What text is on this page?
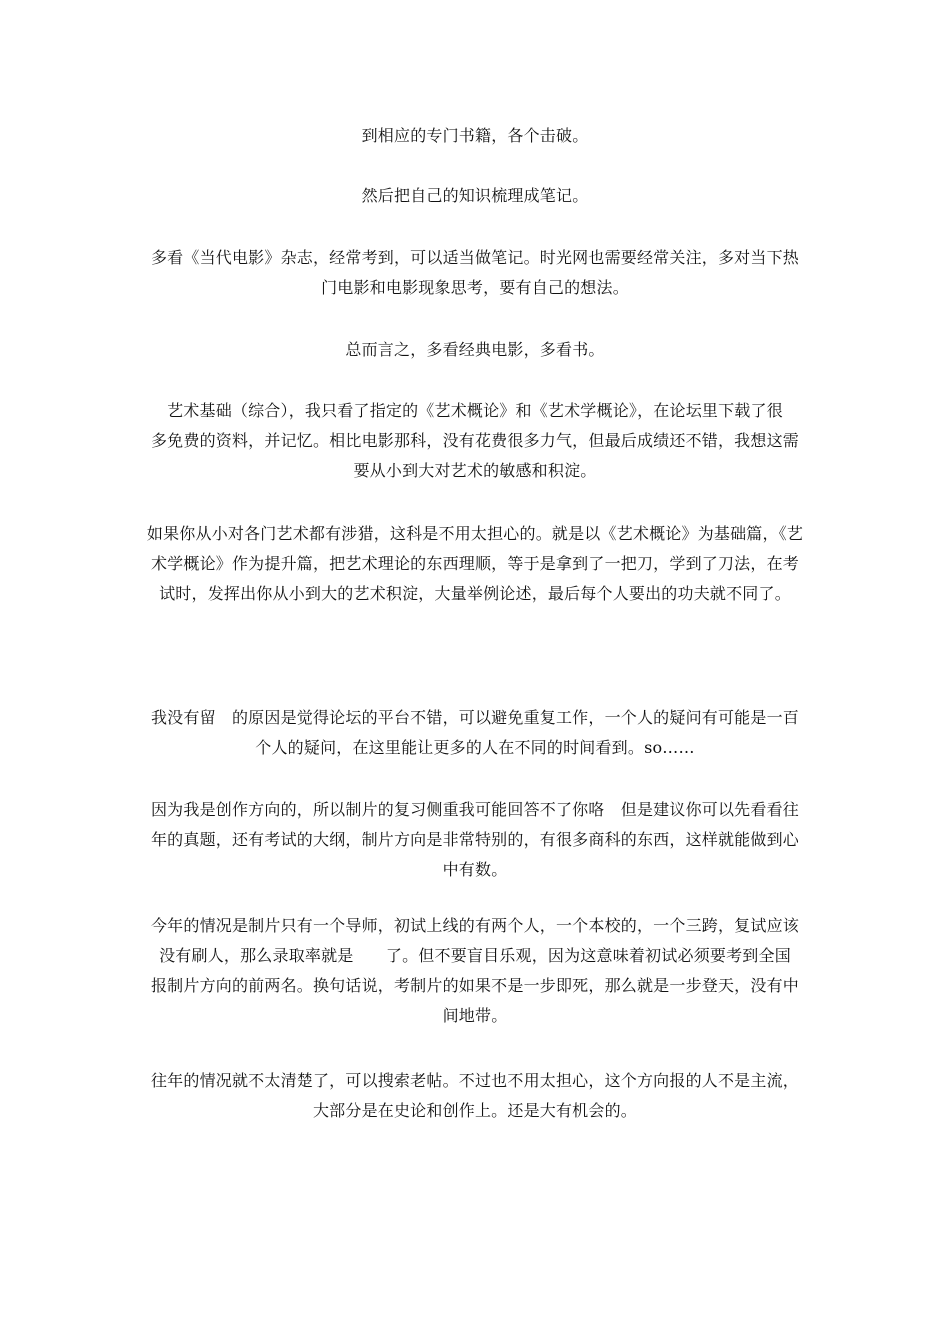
到相应的专门书籍，各个击破。

然后把自己的知识梳理成笔记。

多看《当代电影》杂志，经常考到，可以适当做笔记。时光网也需要经常关注，多对当下热
门电影和电影现象思考，要有自己的想法。

总而言之，多看经典电影，多看书。

艺术基础（综合），我只看了指定的《艺术概论》和《艺术学概论》，在论坛里下载了很
多免费的资料，并记忆。相比电影那科，没有花费很多力气，但最后成绩还不错，我想这需
要从小到大对艺术的敏感和积淀。

如果你从小对各门艺术都有涉猎，这科是不用太担心的。就是以《艺术概论》为基础篇，《艺
术学概论》作为提升篇，把艺术理论的东西理顺，等于是拿到了一把刀，学到了刀法，在考
试时，发挥出你从小到大的艺术积淀，大量举例论述，最后每个人要出的功夫就不同了。

我没有留　的原因是觉得论坛的平台不错，可以避免重复工作，一个人的疑问有可能是一百
个人的疑问，在这里能让更多的人在不同的时间看到。so……

因为我是创作方向的，所以制片的复习侧重我可能回答不了你咯　但是建议你可以先看看往
年的真题，还有考试的大纲，制片方向是非常特别的，有很多商科的东西，这样就能做到心
中有数。

今年的情况是制片只有一个导师，初试上线的有两个人，一个本校的，一个三跨，复试应该
没有刷人，那么录取率就是　　了。但不要盲目乐观，因为这意味着初试必须要考到全国
报制片方向的前两名。换句话说，考制片的如果不是一步即死，那么就是一步登天，没有中
间地带。

往年的情况就不太清楚了，可以搜索老帖。不过也不用太担心，这个方向报的人不是主流，
大部分是在史论和创作上。还是大有机会的。
